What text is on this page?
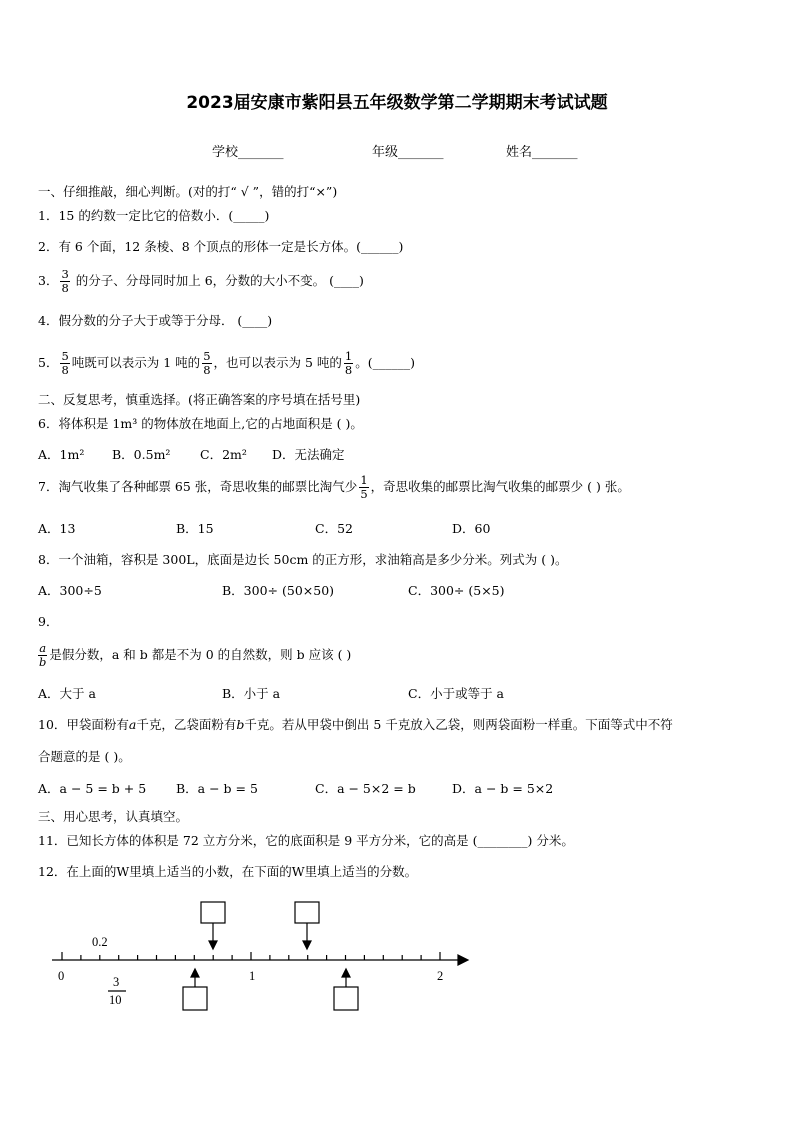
2023届安康市紫阳县五年级数学第二学期期末考试试题
学校_______	年级_______	姓名_______
一、仔细推敲，细心判断。(对的打“ √ ”，错的打“×”)
1．15 的约数一定比它的倍数小．(_____)
2．有 6 个面，12 条棱、8 个顶点的形体一定是长方体。(______)
3． $\frac{3}{8}$ 的分子、分母同时加上 6，分数的大小不变。 (____)
4．假分数的分子大于或等于分母． (____)
5． $\frac{5}{8}$ 吨既可以表示为 1 吨的 $\frac{5}{8}$ ，也可以表示为 5 吨的 $\frac{1}{8}$ 。(______)
二、反复思考，慎重选择。(将正确答案的序号填在括号里)
6．将体积是 1m³ 的物体放在地面上,它的占地面积是 ( )。
A．1m² B．0.5m² C．2m² D．无法确定
7．淘气收集了各种邮票 65 张，奇思收集的邮票比淘气少 $\frac{1}{5}$ ，奇思收集的邮票比淘气收集的邮票少 ( ) 张。
A．13	B．15	C．52	D．60
8．一个油箱，容积是 300L，底面是边长 50cm 的正方形，求油箱高是多少分米。列式为 ( )。
A．300÷5	B．300÷ (50×50)	C．300÷ (5×5)
9．
$\frac{a}{b}$ 是假分数，a 和 b 都是不为 0 的自然数，则 b 应该 ( )
A．大于 a	B．小于 a	C．小于或等于 a
10．甲袋面粉有a千克，乙袋面粉有b千克。若从甲袋中倒出 5 千克放入乙袋，则两袋面粉一样重。下面等式中不符
合题意的是 ( )。
A．a − 5 = b + 5 B．a − b = 5	C．a − 5×2 = b	D．a − b = 5×2
三、用心思考，认真填空。
11．已知长方体的体积是 72 立方分米，它的底面积是 9 平方分米，它的高是 (________) 分米。
12．在上面的W里填上适当的小数，在下面的W里填上适当的分数。
0.2
0	1	2
3
10
